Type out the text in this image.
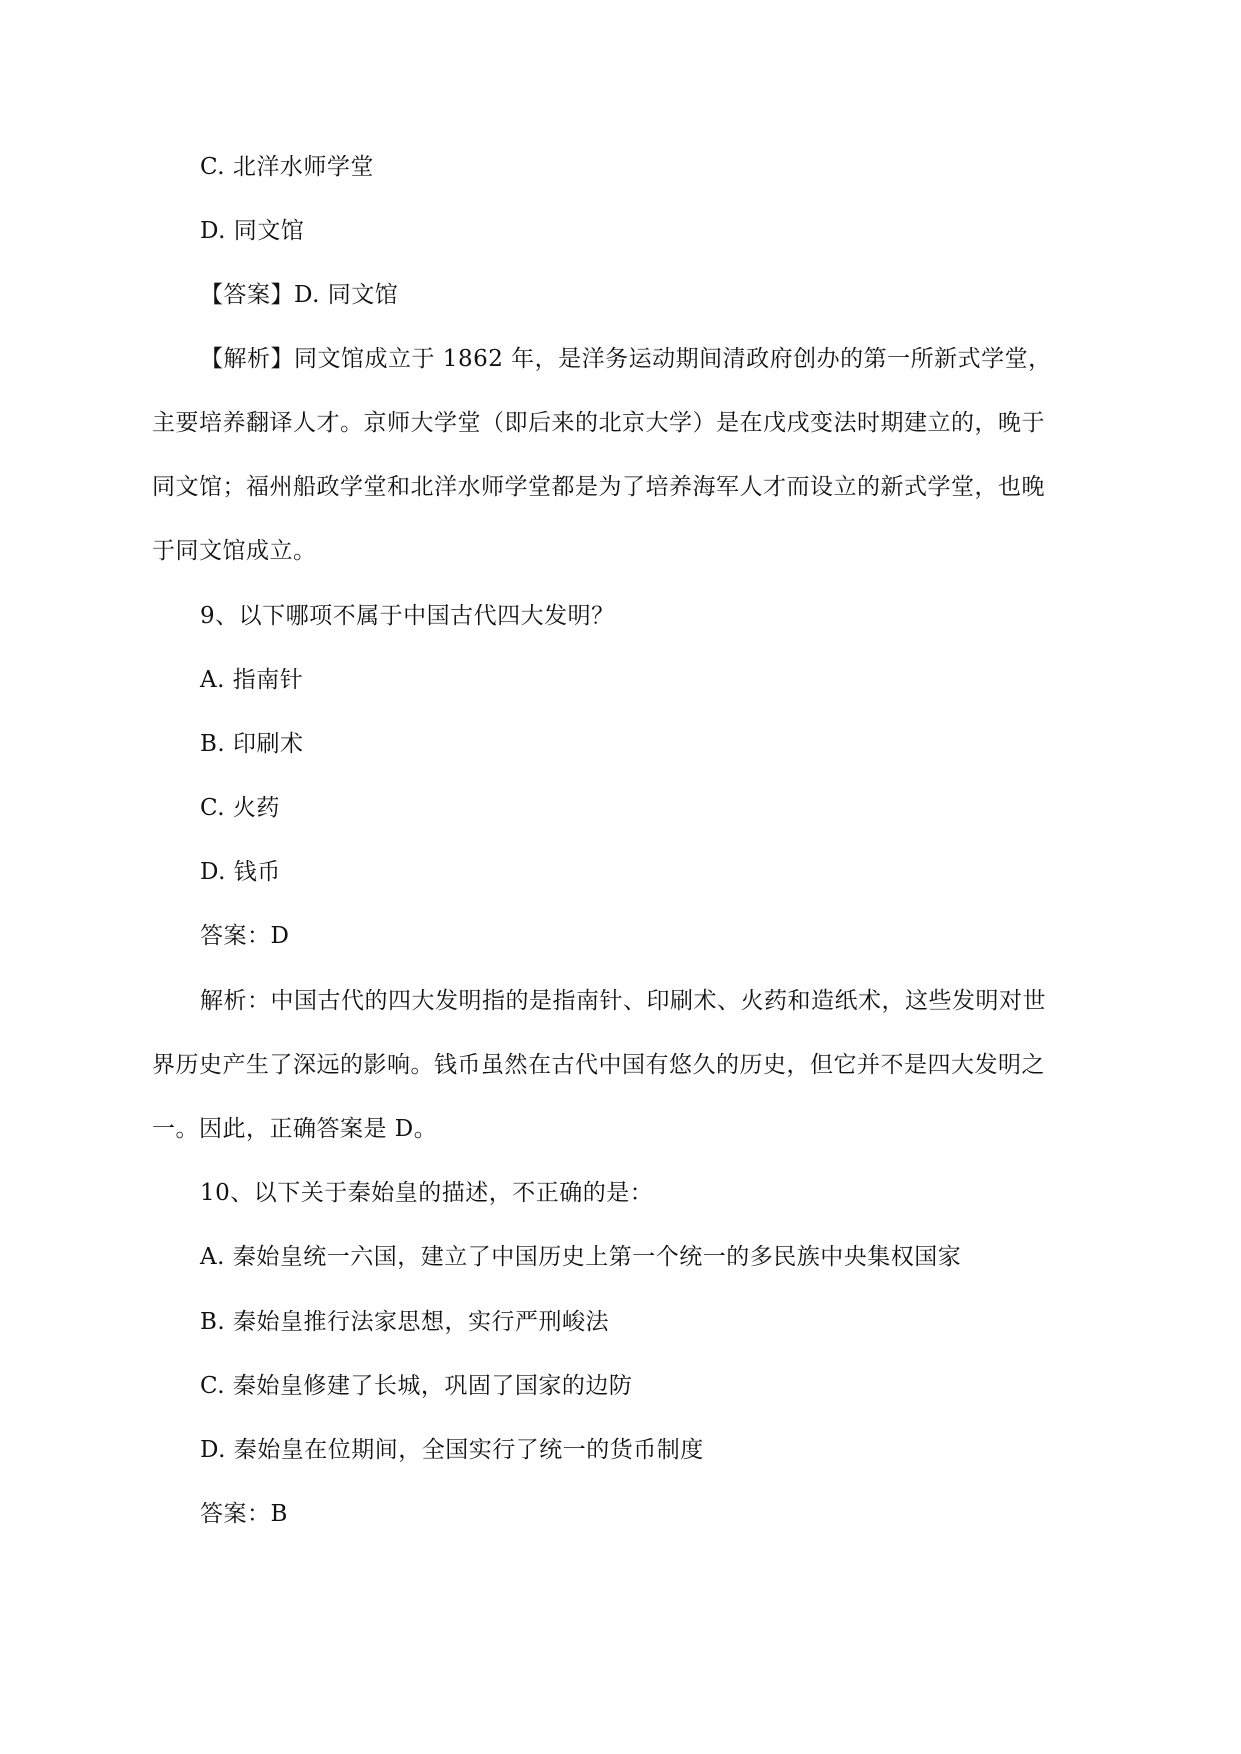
C. 北洋水师学堂
D. 同文馆
【答案】D. 同文馆
【解析】同文馆成立于 1862 年，是洋务运动期间清政府创办的第一所新式学堂，
主要培养翻译人才。京师大学堂（即后来的北京大学）是在戊戌变法时期建立的，晚于
同文馆；福州船政学堂和北洋水师学堂都是为了培养海军人才而设立的新式学堂，也晚
于同文馆成立。
9、以下哪项不属于中国古代四大发明？
A. 指南针
B. 印刷术
C. 火药
D. 钱币
答案：D
解析：中国古代的四大发明指的是指南针、印刷术、火药和造纸术，这些发明对世
界历史产生了深远的影响。钱币虽然在古代中国有悠久的历史，但它并不是四大发明之
一。因此，正确答案是 D。
10、以下关于秦始皇的描述，不正确的是：
A. 秦始皇统一六国，建立了中国历史上第一个统一的多民族中央集权国家
B. 秦始皇推行法家思想，实行严刑峻法
C. 秦始皇修建了长城，巩固了国家的边防
D. 秦始皇在位期间，全国实行了统一的货币制度
答案：B
